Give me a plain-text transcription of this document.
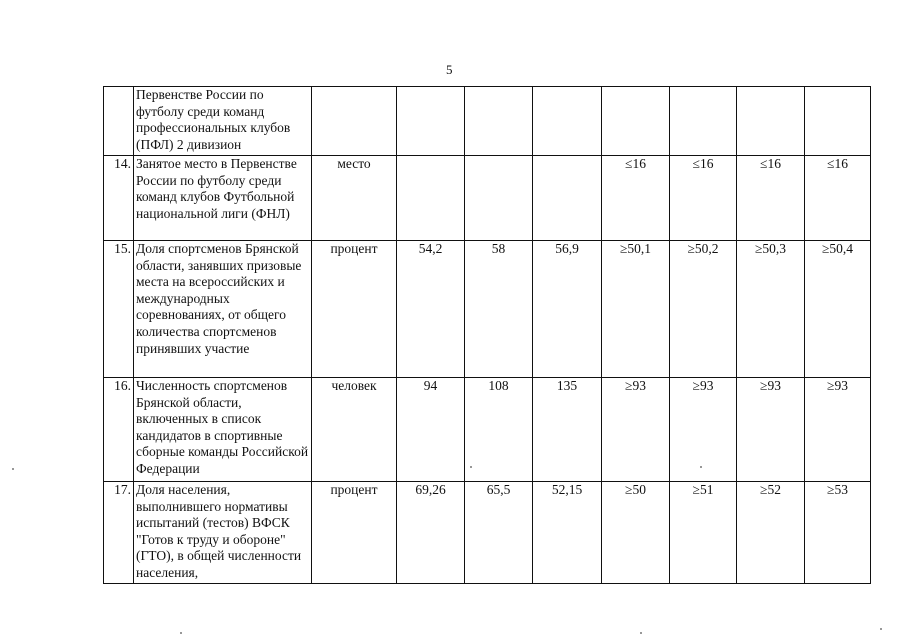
5
	Первенстве России по футболу среди команд профессиональных клубов (ПФЛ) 2 дивизион								
14.	Занятое место в Первенстве России по футболу среди команд клубов Футбольной национальной лиги (ФНЛ)	место				≤16	≤16	≤16	≤16
15.	Доля спортсменов Брянской области, занявших призовые места на всероссийских и международных соревнованиях, от общего количества спортсменов принявших участие	процент	54,2	58	56,9	≥50,1	≥50,2	≥50,3	≥50,4
16.	Численность спортсменов Брянской области, включенных в список кандидатов в спортивные сборные команды Российской Федерации	человек	94	108	135	≥93	≥93	≥93	≥93
17.	Доля населения, выполнившего нормативы испытаний (тестов) ВФСК "Готов к труду и обороне" (ГТО), в общей численности населения,	процент	69,26	65,5	52,15	≥50	≥51	≥52	≥53
